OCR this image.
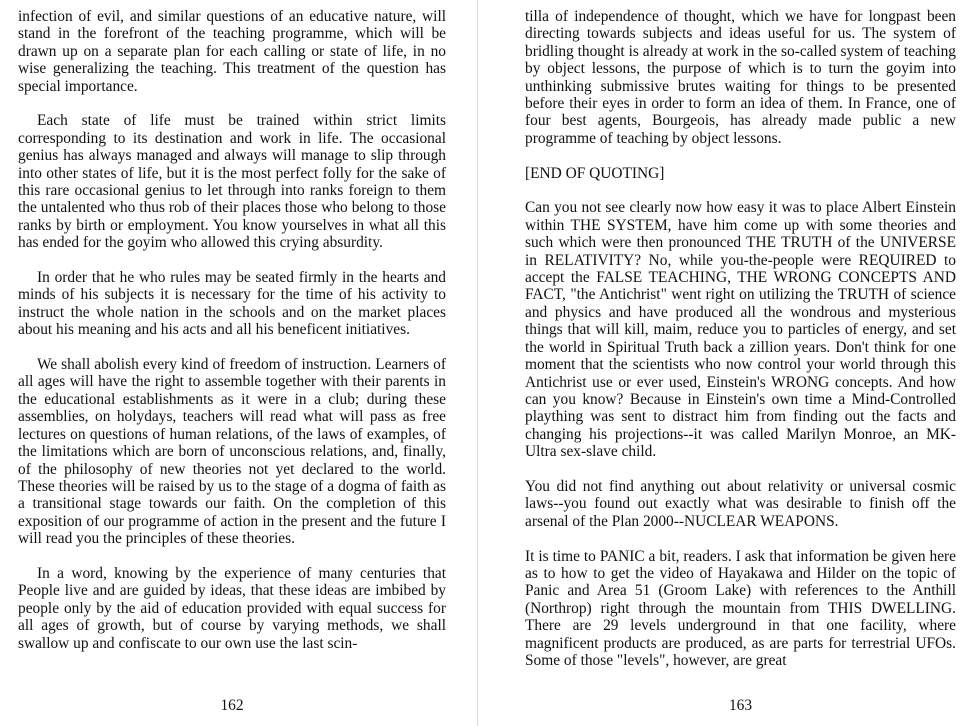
infection of evil, and similar questions of an educative nature, will stand in the forefront of the teaching programme, which will be drawn up on a separate plan for each calling or state of life, in no wise generalizing the teaching. This treatment of the question has special importance.

Each state of life must be trained within strict limits corresponding to its destination and work in life. The occasional genius has always managed and always will manage to slip through into other states of life, but it is the most perfect folly for the sake of this rare occasional genius to let through into ranks foreign to them the untalented who thus rob of their places those who belong to those ranks by birth or employment. You know yourselves in what all this has ended for the goyim who allowed this crying absurdity.

In order that he who rules may be seated firmly in the hearts and minds of his subjects it is necessary for the time of his activity to instruct the whole nation in the schools and on the market places about his meaning and his acts and all his beneficent initiatives.

We shall abolish every kind of freedom of instruction. Learners of all ages will have the right to assemble together with their parents in the educational establishments as it were in a club; during these assemblies, on holydays, teachers will read what will pass as free lectures on questions of human relations, of the laws of examples, of the limitations which are born of unconscious relations, and, finally, of the philosophy of new theories not yet declared to the world. These theories will be raised by us to the stage of a dogma of faith as a transitional stage towards our faith. On the completion of this exposition of our programme of action in the present and the future I will read you the principles of these theories.

In a word, knowing by the experience of many centuries that People live and are guided by ideas, that these ideas are imbibed by people only by the aid of education provided with equal success for all ages of growth, but of course by varying methods, we shall swallow up and confiscate to our own use the last scin-

162

tilla of independence of thought, which we have for longpast been directing towards subjects and ideas useful for us. The system of bridling thought is already at work in the so-called system of teaching by object lessons, the purpose of which is to turn the goyim into unthinking submissive brutes waiting for things to be presented before their eyes in order to form an idea of them. In France, one of four best agents, Bourgeois, has already made public a new programme of teaching by object lessons.

[END OF QUOTING]

Can you not see clearly now how easy it was to place Albert Einstein within THE SYSTEM, have him come up with some theories and such which were then pronounced THE TRUTH of the UNIVERSE in RELATIVITY? No, while you-the-people were REQUIRED to accept the FALSE TEACHING, THE WRONG CONCEPTS AND FACT, "the Antichrist" went right on utilizing the TRUTH of science and physics and have produced all the wondrous and mysterious things that will kill, maim, reduce you to particles of energy, and set the world in Spiritual Truth back a zillion years. Don't think for one moment that the scientists who now control your world through this Antichrist use or ever used, Einstein's WRONG concepts. And how can you know? Because in Einstein's own time a Mind-Controlled plaything was sent to distract him from finding out the facts and changing his projections--it was called Marilyn Monroe, an MK-Ultra sex-slave child.

You did not find anything out about relativity or universal cosmic laws--you found out exactly what was desirable to finish off the arsenal of the Plan 2000--NUCLEAR WEAPONS.

It is time to PANIC a bit, readers. I ask that information be given here as to how to get the video of Hayakawa and Hilder on the topic of Panic and Area 51 (Groom Lake) with references to the Anthill (Northrop) right through the mountain from THIS DWELLING. There are 29 levels underground in that one facility, where magnificent products are produced, as are parts for terrestrial UFOs. Some of those "levels", however, are great

163
